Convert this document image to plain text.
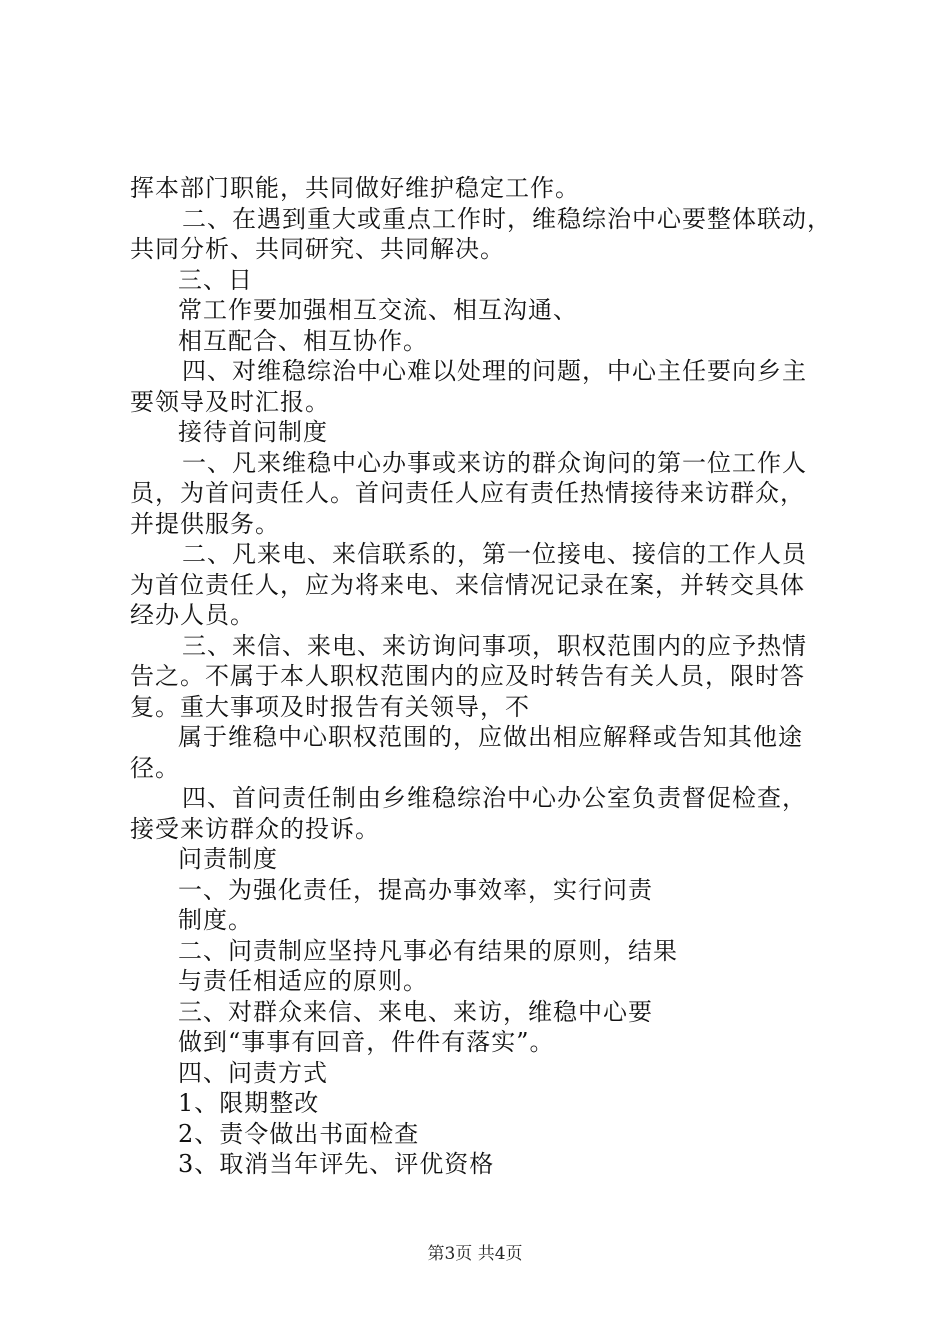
挥本部门职能，共同做好维护稳定工作。
二、在遇到重大或重点工作时，维稳综治中心要整体联动，
共同分析、共同研究、共同解决。
三、日
常工作要加强相互交流、相互沟通、
相互配合、相互协作。
四、对维稳综治中心难以处理的问题，中心主任要向乡主
要领导及时汇报。
接待首问制度
一、凡来维稳中心办事或来访的群众询问的第一位工作人
员，为首问责任人。首问责任人应有责任热情接待来访群众，
并提供服务。
二、凡来电、来信联系的，第一位接电、接信的工作人员
为首位责任人，应为将来电、来信情况记录在案，并转交具体
经办人员。
三、来信、来电、来访询问事项，职权范围内的应予热情
告之。不属于本人职权范围内的应及时转告有关人员，限时答
复。重大事项及时报告有关领导，不
属于维稳中心职权范围的，应做出相应解释或告知其他途
径。
四、首问责任制由乡维稳综治中心办公室负责督促检查，
接受来访群众的投诉。
问责制度
一、为强化责任，提高办事效率，实行问责
制度。
二、问责制应坚持凡事必有结果的原则，结果
与责任相适应的原则。
三、对群众来信、来电、来访，维稳中心要
做到“事事有回音，件件有落实”。
四、问责方式
1、限期整改
2、责令做出书面检查
3、取消当年评先、评优资格
第3页 共4页
